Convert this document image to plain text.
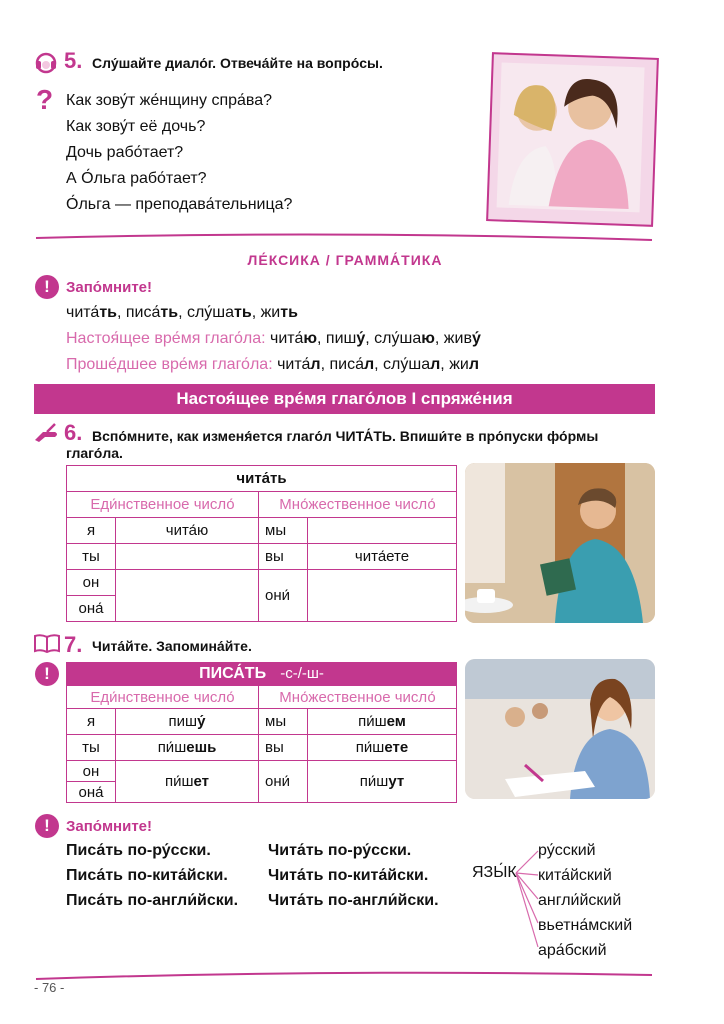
5. Слу́шайте диало́г. Отвеча́йте на вопро́сы.
? Как зову́т же́нщину спра́ва?
Как зову́т её дочь?
Дочь рабо́тает?
А О́льга рабо́тает?
О́льга — преподава́тельница?
ЛЕ́КСИКА / ГРАММА́ТИКА
!	Запо́мните!
чита́ть, писа́ть, слу́шать, жить
Настоя́щее вре́мя глаго́ла: чита́ю, пишу́, слу́шаю, живу́
Проше́дшее вре́мя глаго́ла: чита́л, писа́л, слу́шал, жил
Настоя́щее вре́мя глаго́лов I спряже́ния
6. Вспо́мните, как изменя́ется глаго́л ЧИТА́ТЬ. Впиши́те в про́пуски фо́рмы
глаго́ла.
чита́ть			
Еди́нственное число́		Мно́жественное число́	
я	чита́ю	мы	
ты		вы	чита́ете
он		они́	
она́			
7. Чита́йте. Запомина́йте.
!	ПИСА́ТЬ -с-/-ш-			
Еди́нственное число́		Мно́жественное число́	
я	пишу́	мы	пи́шем
ты	пи́шешь	вы	пи́шете
он	пи́шет	они́	пи́шут
она́			
!	Запо́мните!
Писа́ть по-ру́сски.
Писа́ть по-кита́йски.
Писа́ть по-англи́йски.
Чита́ть по-ру́сски.
Чита́ть по-кита́йски.
Чита́ть по-англи́йски.
ЯЗЫ́К
ру́сский
кита́йский
англи́йский
вьетна́мский
ара́бский
- 76 -
